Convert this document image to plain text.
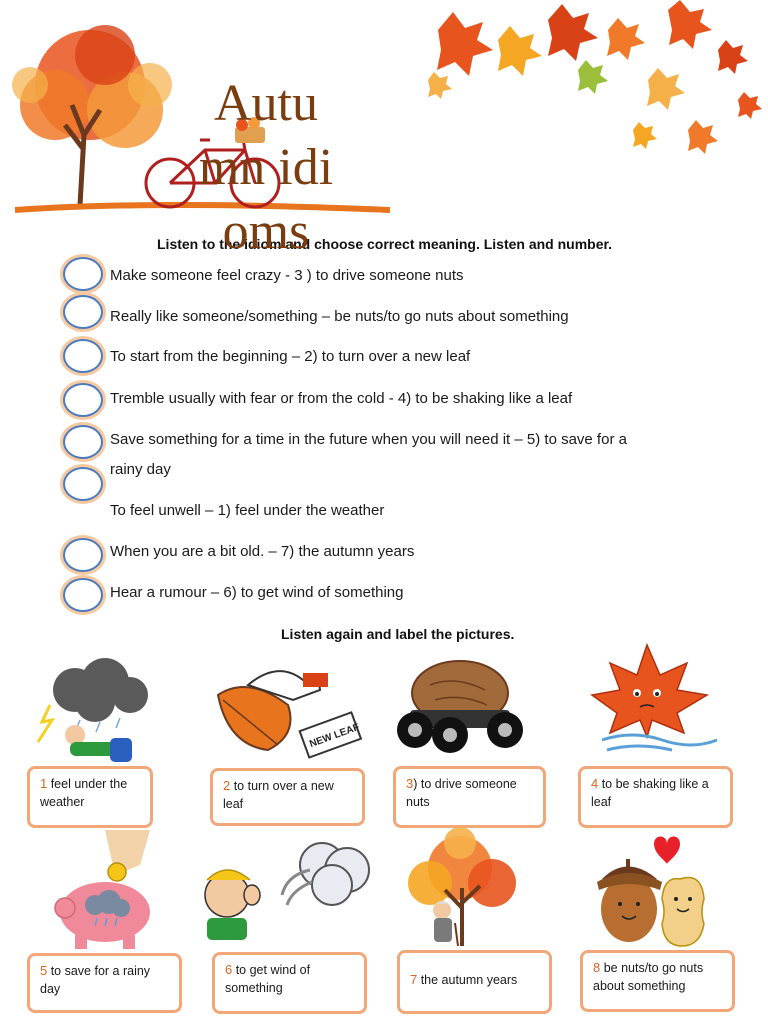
Autumn idioms
Listen to the idiom and choose correct meaning. Listen and number.
Make someone feel crazy - 3 ) to drive someone nuts
Really like someone/something – be nuts/to go nuts about something
To start from the beginning – 2) to turn over a new leaf
Tremble usually with fear or from the cold - 4) to be shaking like a leaf
Save something for a time in the future when you will need it – 5) to save for a
rainy day
To feel unwell – 1) feel under the weather
When you are a bit old. – 7) the autumn years
Hear a rumour – 6) to get wind of something
Listen again and label the pictures.
1 feel under the weather
NEW LEAF
2 to turn over a new leaf
3) to drive someone nuts
4 to be shaking like a leaf
5 to save for a rainy day
6 to get wind of something
7 the autumn years
8 be nuts/to go nuts about something
